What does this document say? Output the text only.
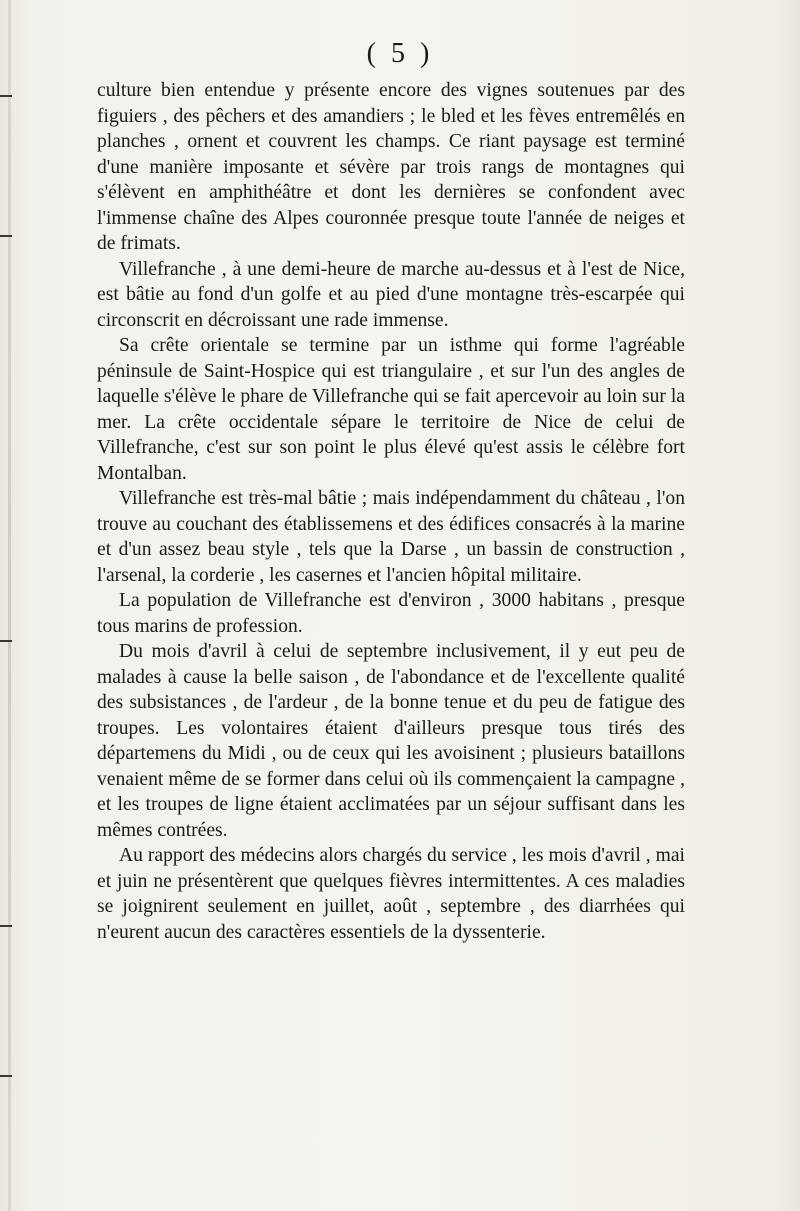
( 5 )

culture bien entendue y présente encore des vignes soutenues par des figuiers , des pêchers et des amandiers ; le bled et les fèves entremêlés en planches , ornent et couvrent les champs. Ce riant paysage est terminé d'une manière imposante et sévère par trois rangs de montagnes qui s'élèvent en amphithéâtre et dont les dernières se confondent avec l'immense chaîne des Alpes couronnée presque toute l'année de neiges et de frimats.

Villefranche , à une demi-heure de marche au-dessus et à l'est de Nice, est bâtie au fond d'un golfe et au pied d'une montagne très-escarpée qui circonscrit en décroissant une rade immense.

Sa crête orientale se termine par un isthme qui forme l'agréable péninsule de Saint-Hospice qui est triangulaire , et sur l'un des angles de laquelle s'élève le phare de Villefranche qui se fait apercevoir au loin sur la mer. La crête occidentale sépare le territoire de Nice de celui de Villefranche, c'est sur son point le plus élevé qu'est assis le célèbre fort Montalban.

Villefranche est très-mal bâtie ; mais indépendamment du château , l'on trouve au couchant des établissemens et des édifices consacrés à la marine et d'un assez beau style , tels que la Darse , un bassin de construction , l'arsenal, la corderie , les casernes et l'ancien hôpital militaire.

La population de Villefranche est d'environ , 3000 habitans , presque tous marins de profession.

Du mois d'avril à celui de septembre inclusivement, il y eut peu de malades à cause la belle saison , de l'abondance et de l'excellente qualité des subsistances , de l'ardeur , de la bonne tenue et du peu de fatigue des troupes. Les volontaires étaient d'ailleurs presque tous tirés des départemens du Midi , ou de ceux qui les avoisinent ; plusieurs bataillons venaient même de se former dans celui où ils commençaient la campagne , et les troupes de ligne étaient acclimatées par un séjour suffisant dans les mêmes contrées.

Au rapport des médecins alors chargés du service , les mois d'avril , mai et juin ne présentèrent que quelques fièvres intermittentes. A ces maladies se joignirent seulement en juillet, août , septembre , des diarrhées qui n'eurent aucun des caractères essentiels de la dyssenterie.
